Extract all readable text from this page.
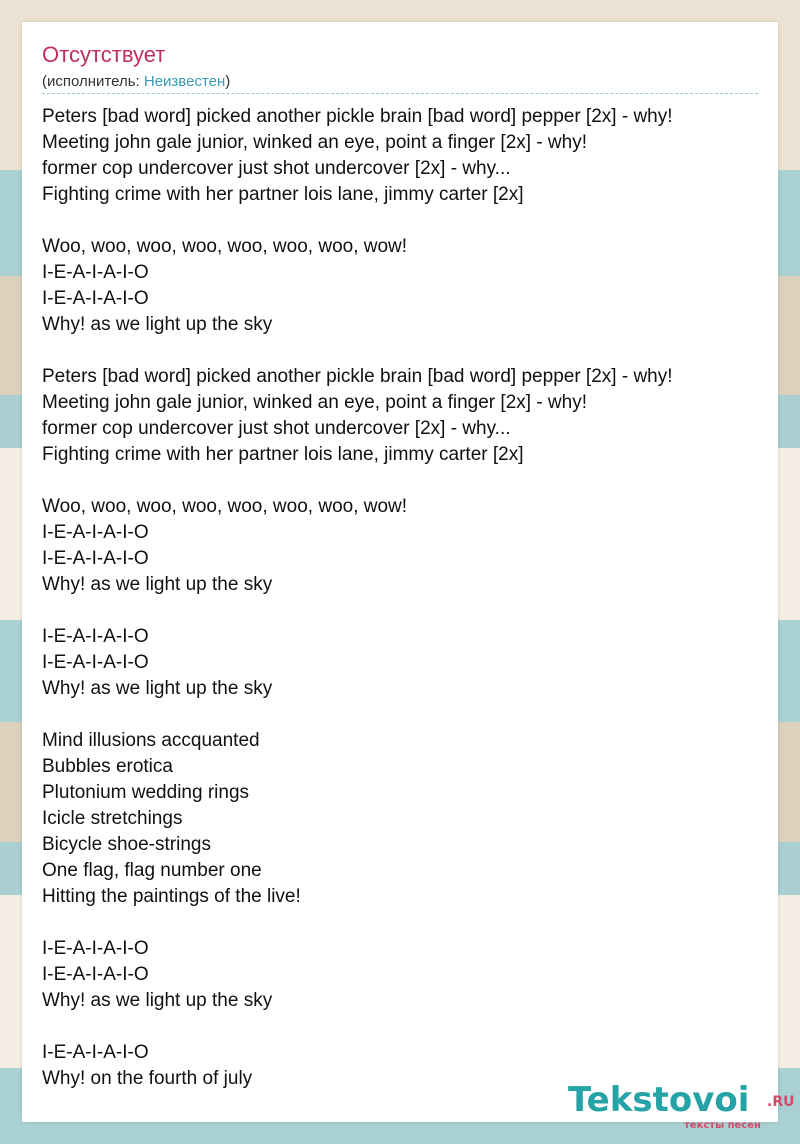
Отсутствует
(исполнитель: Неизвестен)
Peters [bad word] picked another pickle brain [bad word] pepper [2x] - why!
Meeting john gale junior, winked an eye, point a finger [2x] - why!
former cop undercover just shot undercover [2x] - why...
Fighting crime with her partner lois lane, jimmy carter [2x]
Woo, woo, woo, woo, woo, woo, woo, wow!
I-E-A-I-A-I-O
I-E-A-I-A-I-O
Why! as we light up the sky
Peters [bad word] picked another pickle brain [bad word] pepper [2x] - why!
Meeting john gale junior, winked an eye, point a finger [2x] - why!
former cop undercover just shot undercover [2x] - why...
Fighting crime with her partner lois lane, jimmy carter [2x]
Woo, woo, woo, woo, woo, woo, woo, wow!
I-E-A-I-A-I-O
I-E-A-I-A-I-O
Why! as we light up the sky
I-E-A-I-A-I-O
I-E-A-I-A-I-O
Why! as we light up the sky
Mind illusions accquanted
Bubbles erotica
Plutonium wedding rings
Icicle stretchings
Bicycle shoe-strings
One flag, flag number one
Hitting the paintings of the live!
I-E-A-I-A-I-O
I-E-A-I-A-I-O
Why! as we light up the sky
I-E-A-I-A-I-O
Why! on the fourth of july
Tekstovoi .RU
тексты песен
